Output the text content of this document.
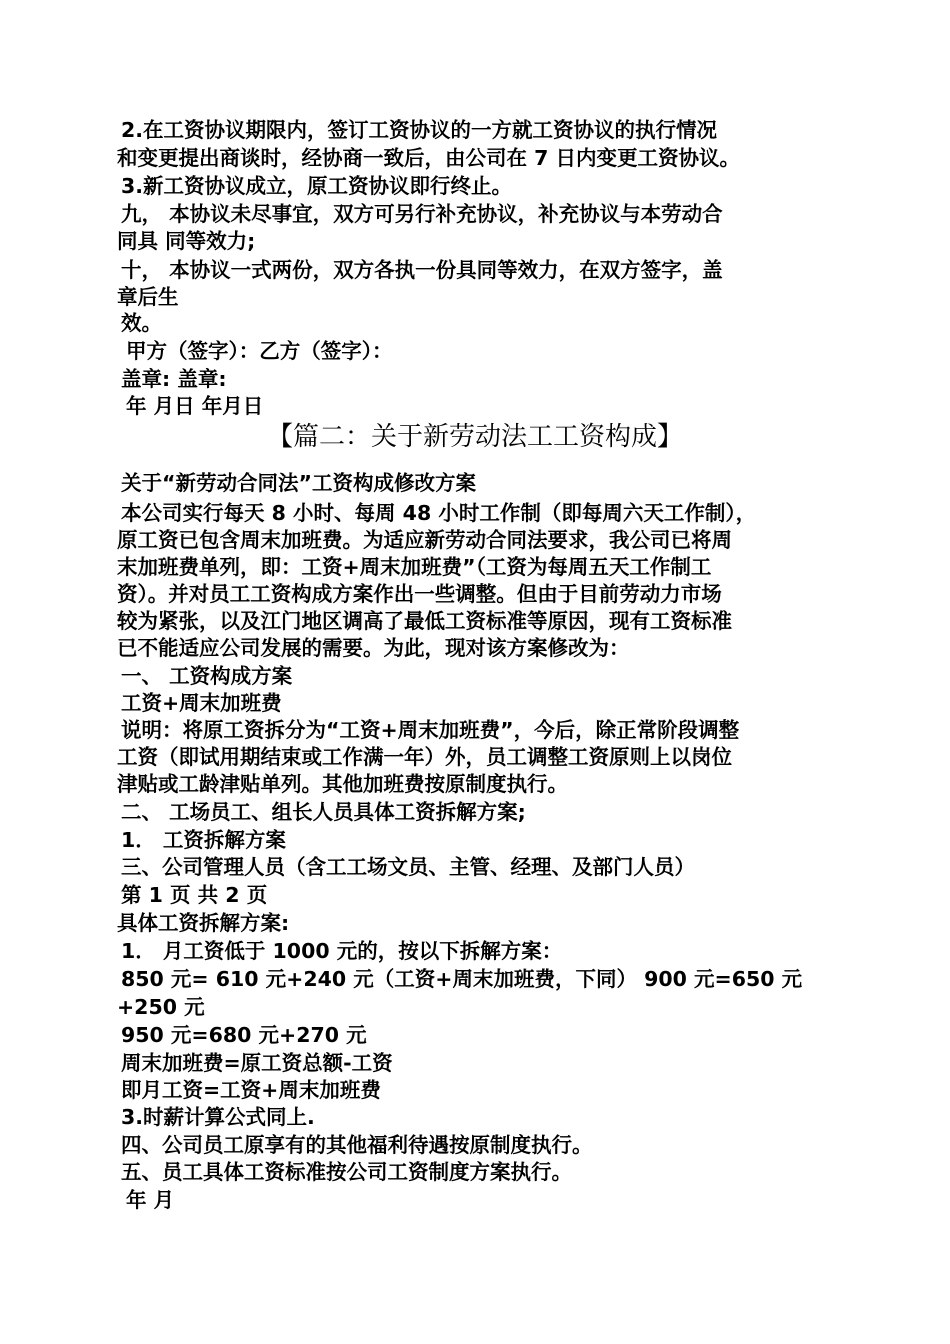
2.在工资协议期限内，签订工资协议的一方就工资协议的执行情况
和变更提出商谈时，经协商一致后，由公司在 7 日内变更工资协议。
3.新工资协议成立，原工资协议即行终止。
九， 本协议未尽事宜，双方可另行补充协议，补充协议与本劳动合
同具 同等效力;
十， 本协议一式两份，双方各执一份具同等效力，在双方签字，盖
章后生
效。
甲方（签字）：乙方（签字）：
盖章: 盖章:
年 月日 年月日
【篇二：关于新劳动法工工资构成】
关于“新劳动合同法”工资构成修改方案
本公司实行每天 8 小时、每周 48 小时工作制（即每周六天工作制），
原工资已包含周末加班费。为适应新劳动合同法要求，我公司已将周
末加班费单列，即：工资+周末加班费”（工资为每周五天工作制工
资）。并对员工工资构成方案作出一些调整。但由于目前劳动力市场
较为紧张，以及江门地区调高了最低工资标准等原因，现有工资标准
已不能适应公司发展的需要。为此，现对该方案修改为：
一、 工资构成方案
工资+周末加班费
说明：将原工资拆分为“工资+周末加班费”，今后，除正常阶段调整
工资（即试用期结束或工作满一年）外，员工调整工资原则上以岗位
津贴或工龄津贴单列。其他加班费按原制度执行。
二、 工场员工、组长人员具体工资拆解方案;
1． 工资拆解方案
三、公司管理人员（含工工场文员、主管、经理、及部门人员）
第 1 页 共 2 页
具体工资拆解方案:
1． 月工资低于 1000 元的，按以下拆解方案：
850 元= 610 元+240 元（工资+周末加班费，下同） 900 元=650 元
+250 元
950 元=680 元+270 元
周末加班费=原工资总额-工资
即月工资=工资+周末加班费
3.时薪计算公式同上.
四、公司员工原享有的其他福利待遇按原制度执行。
五、员工具体工资标准按公司工资制度方案执行。
年 月
